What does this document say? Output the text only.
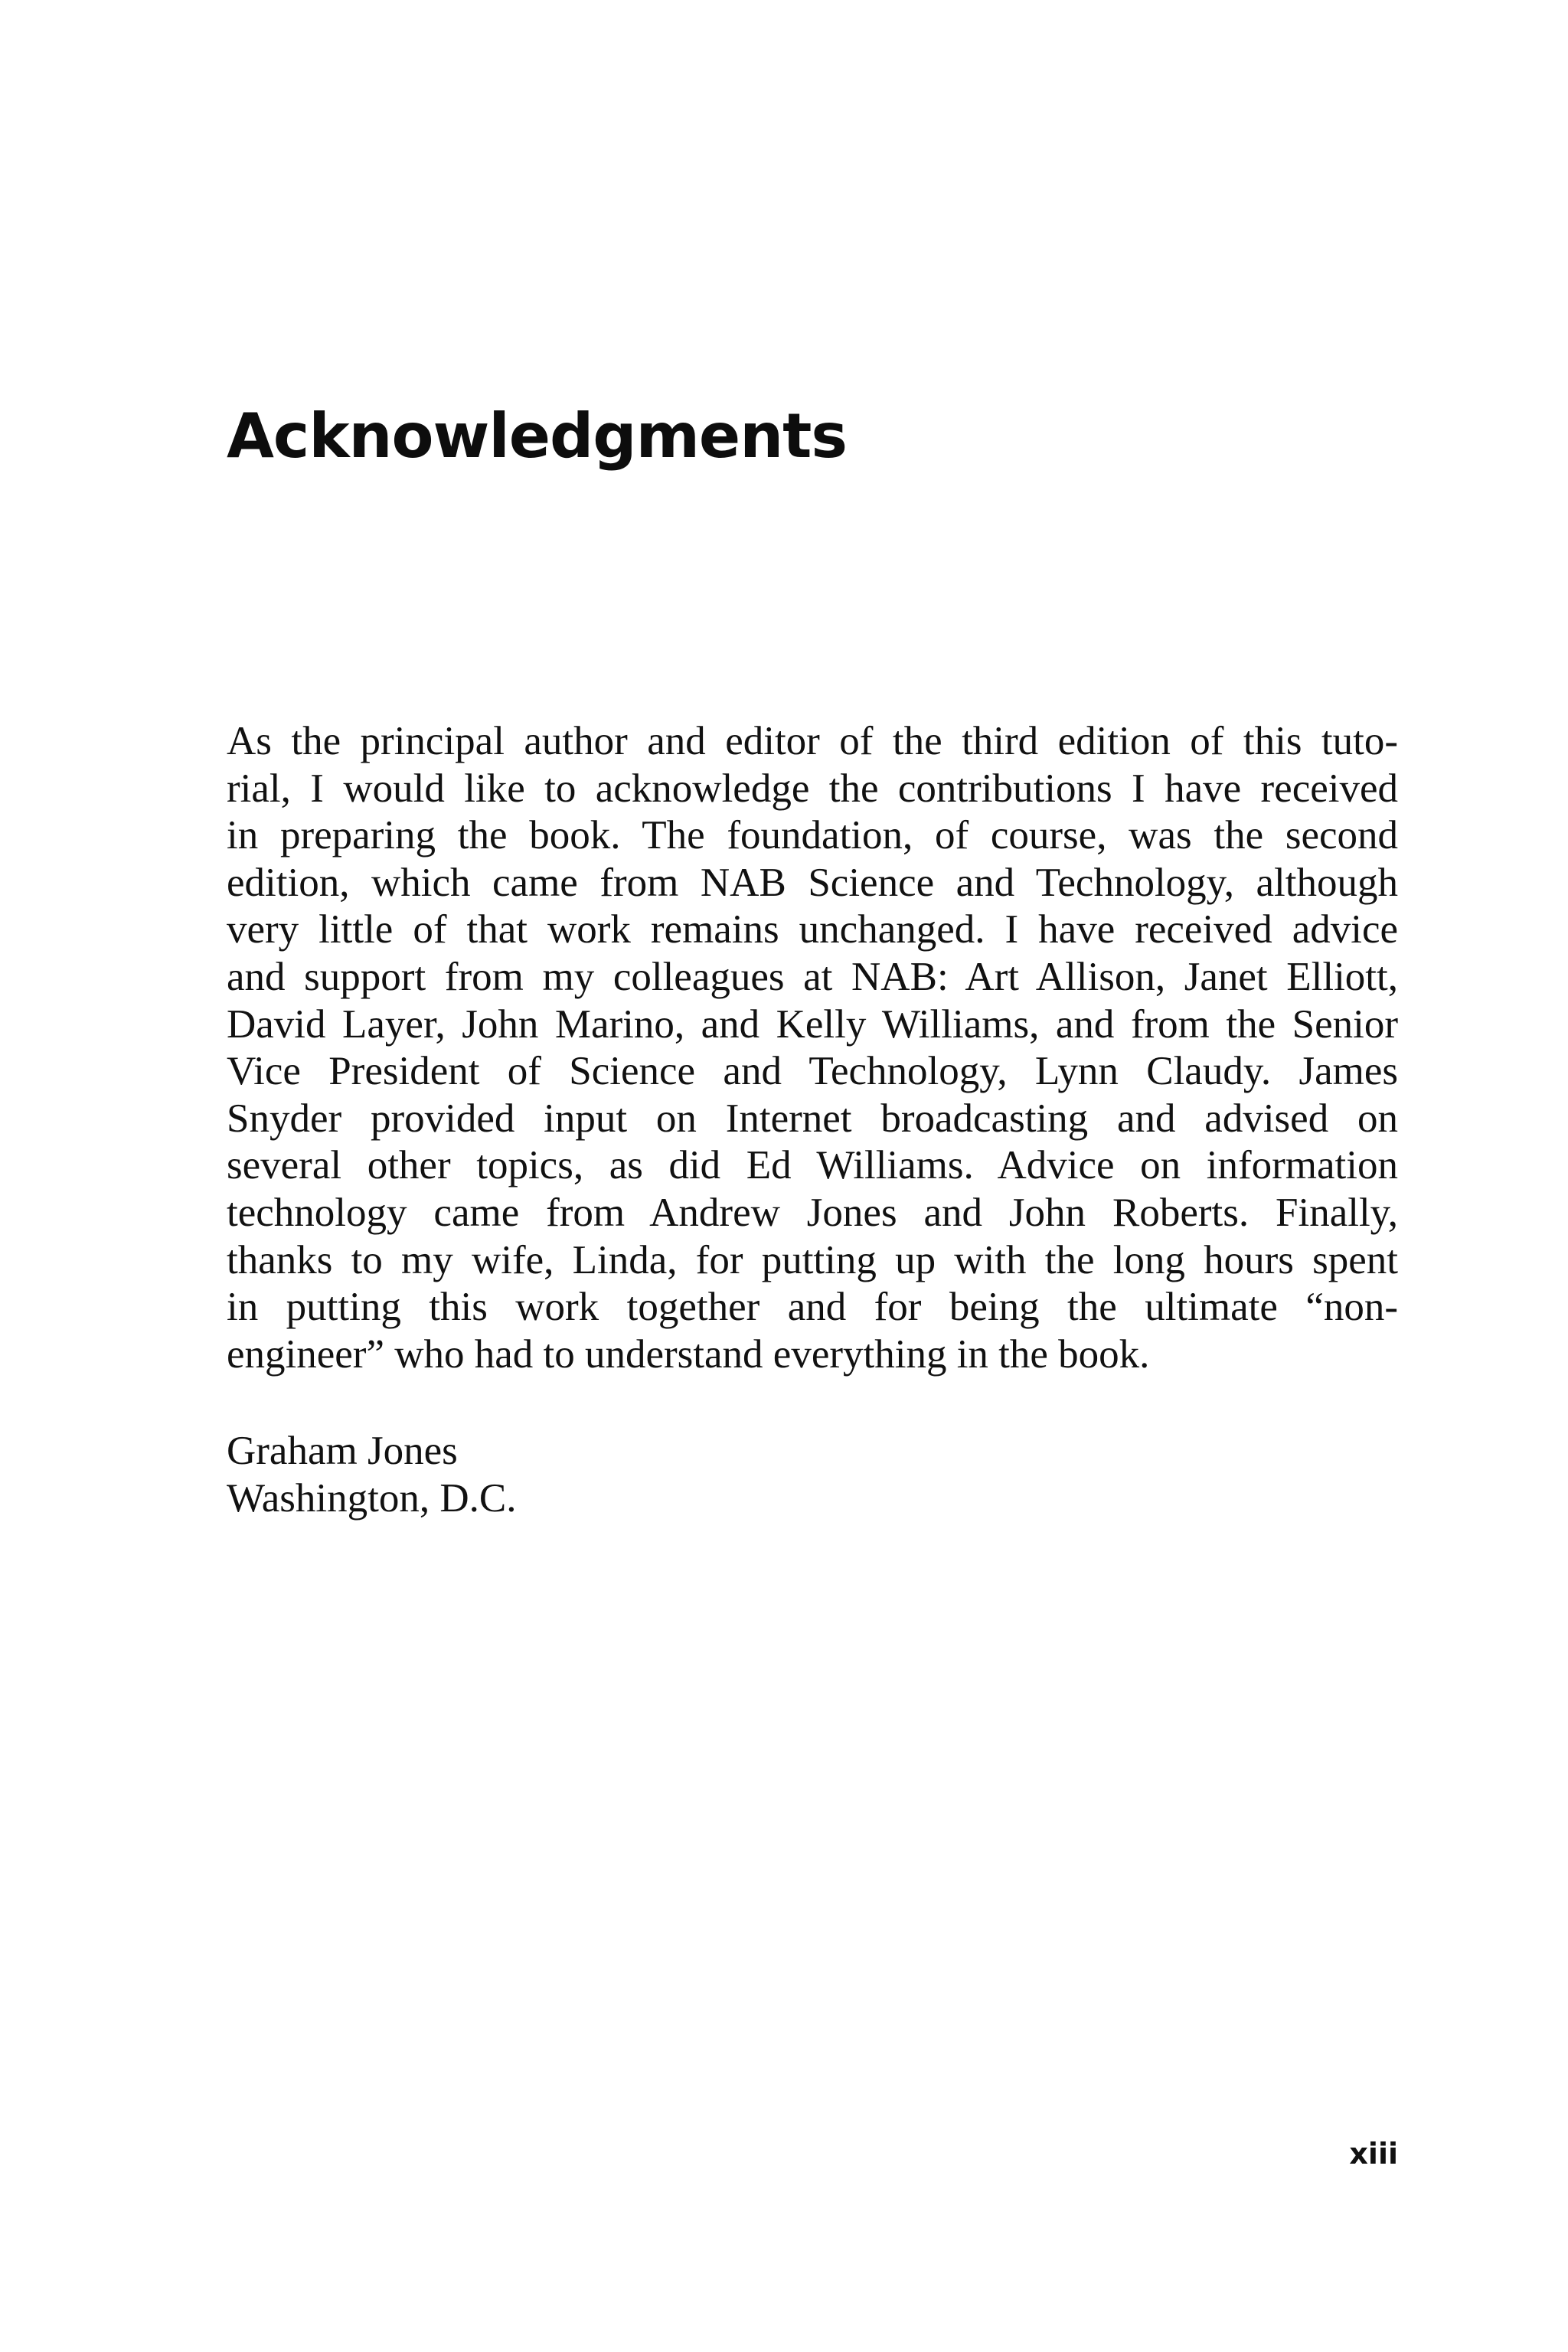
Acknowledgments
As the principal author and editor of the third edition of this tuto-
rial, I would like to acknowledge the contributions I have received
in preparing the book. The foundation, of course, was the second
edition, which came from NAB Science and Technology, although
very little of that work remains unchanged. I have received advice
and support from my colleagues at NAB: Art Allison, Janet Elliott,
David Layer, John Marino, and Kelly Williams, and from the Senior
Vice President of Science and Technology, Lynn Claudy. James
Snyder provided input on Internet broadcasting and advised on
several other topics, as did Ed Williams. Advice on information
technology came from Andrew Jones and John Roberts. Finally,
thanks to my wife, Linda, for putting up with the long hours spent
in putting this work together and for being the ultimate “non-
engineer” who had to understand everything in the book.
Graham Jones
Washington, D.C.
xiii
